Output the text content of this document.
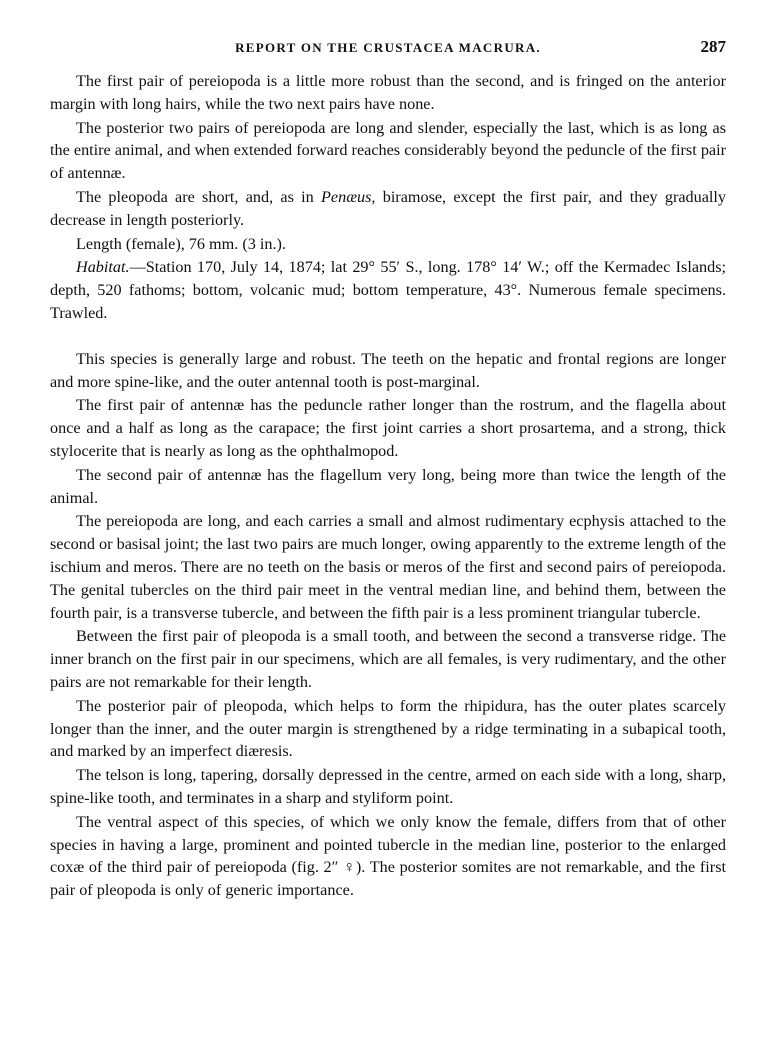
REPORT ON THE CRUSTACEA MACRURA.	287

The first pair of pereiopoda is a little more robust than the second, and is fringed on the anterior margin with long hairs, while the two next pairs have none.

The posterior two pairs of pereiopoda are long and slender, especially the last, which is as long as the entire animal, and when extended forward reaches considerably beyond the peduncle of the first pair of antennæ.

The pleopoda are short, and, as in Penæus, biramose, except the first pair, and they gradually decrease in length posteriorly.

Length (female), 76 mm. (3 in.).

Habitat.—Station 170, July 14, 1874; lat 29° 55′ S., long. 178° 14′ W.; off the Kermadec Islands; depth, 520 fathoms; bottom, volcanic mud; bottom temperature, 43°. Numerous female specimens. Trawled.

This species is generally large and robust. The teeth on the hepatic and frontal regions are longer and more spine-like, and the outer antennal tooth is post-marginal.

The first pair of antennæ has the peduncle rather longer than the rostrum, and the flagella about once and a half as long as the carapace; the first joint carries a short prosartema, and a strong, thick stylocerite that is nearly as long as the ophthalmopod.

The second pair of antennæ has the flagellum very long, being more than twice the length of the animal.

The pereiopoda are long, and each carries a small and almost rudimentary ecphysis attached to the second or basisal joint; the last two pairs are much longer, owing apparently to the extreme length of the ischium and meros. There are no teeth on the basis or meros of the first and second pairs of pereiopoda. The genital tubercles on the third pair meet in the ventral median line, and behind them, between the fourth pair, is a transverse tubercle, and between the fifth pair is a less prominent triangular tubercle.

Between the first pair of pleopoda is a small tooth, and between the second a transverse ridge. The inner branch on the first pair in our specimens, which are all females, is very rudimentary, and the other pairs are not remarkable for their length.

The posterior pair of pleopoda, which helps to form the rhipidura, has the outer plates scarcely longer than the inner, and the outer margin is strengthened by a ridge terminating in a subapical tooth, and marked by an imperfect diæresis.

The telson is long, tapering, dorsally depressed in the centre, armed on each side with a long, sharp, spine-like tooth, and terminates in a sharp and styliform point.

The ventral aspect of this species, of which we only know the female, differs from that of other species in having a large, prominent and pointed tubercle in the median line, posterior to the enlarged coxæ of the third pair of pereiopoda (fig. 2″ ♀). The posterior somites are not remarkable, and the first pair of pleopoda is only of generic importance.
